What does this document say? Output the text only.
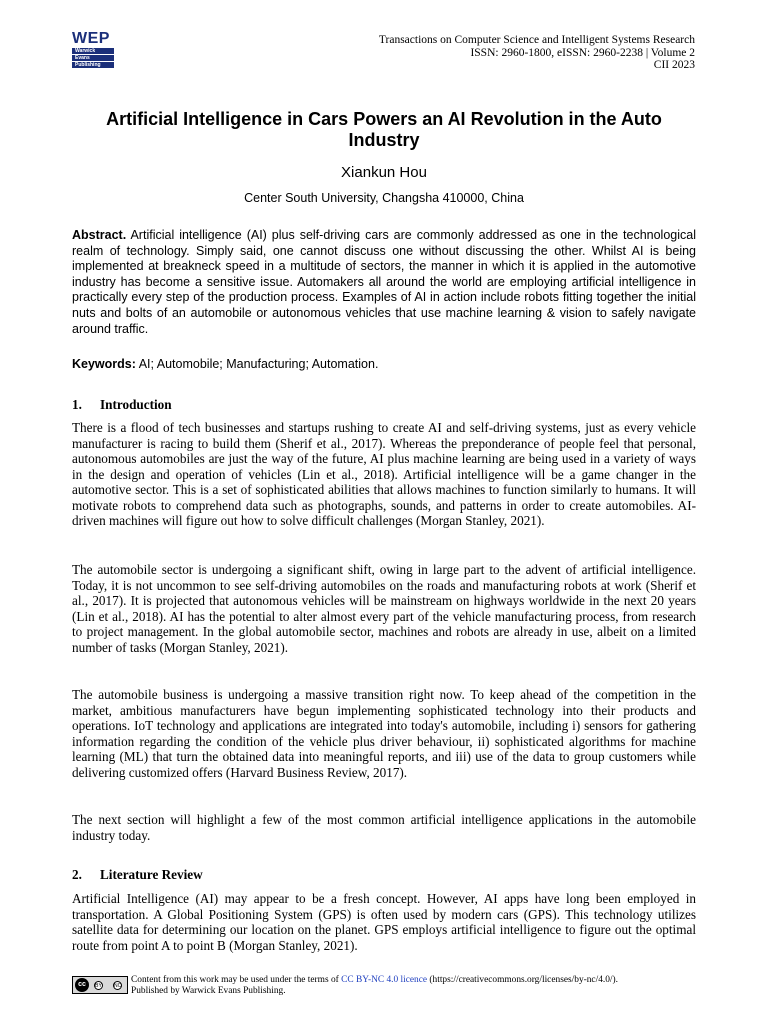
WEP
Warwick
Evans
Publishing
Transactions on Computer Science and Intelligent Systems Research
ISSN: 2960-1800, eISSN: 2960-2238 | Volume 2
CII 2023
Artificial Intelligence in Cars Powers an AI Revolution in the Auto Industry
Xiankun Hou
Center South University, Changsha 410000, China

Abstract. Artificial intelligence (AI) plus self-driving cars are commonly addressed as one in the technological realm of technology. Simply said, one cannot discuss one without discussing the other. Whilst AI is being implemented at breakneck speed in a multitude of sectors, the manner in which it is applied in the automotive industry has become a sensitive issue. Automakers all around the world are employing artificial intelligence in practically every step of the production process. Examples of AI in action include robots fitting together the initial nuts and bolts of an automobile or autonomous vehicles that use machine learning & vision to safely navigate around traffic.

Keywords: AI; Automobile; Manufacturing; Automation.

1. Introduction

There is a flood of tech businesses and startups rushing to create AI and self-driving systems, just as every vehicle manufacturer is racing to build them (Sherif et al., 2017). Whereas the preponderance of people feel that personal, autonomous automobiles are just the way of the future, AI plus machine learning are being used in a variety of ways in the design and operation of vehicles (Lin et al., 2018). Artificial intelligence will be a game changer in the automotive sector. This is a set of sophisticated abilities that allows machines to function similarly to humans. It will motivate robots to comprehend data such as photographs, sounds, and patterns in order to create automobiles. AI-driven machines will figure out how to solve difficult challenges (Morgan Stanley, 2021).

The automobile sector is undergoing a significant shift, owing in large part to the advent of artificial intelligence. Today, it is not uncommon to see self-driving automobiles on the roads and manufacturing robots at work (Sherif et al., 2017). It is projected that autonomous vehicles will be mainstream on highways worldwide in the next 20 years (Lin et al., 2018). AI has the potential to alter almost every part of the vehicle manufacturing process, from research to project management. In the global automobile sector, machines and robots are already in use, albeit on a limited number of tasks (Morgan Stanley, 2021).

The automobile business is undergoing a massive transition right now. To keep ahead of the competition in the market, ambitious manufacturers have begun implementing sophisticated technology into their products and operations. IoT technology and applications are integrated into today's automobile, including i) sensors for gathering information regarding the condition of the vehicle plus driver behaviour, ii) sophisticated algorithms for machine learning (ML) that turn the obtained data into meaningful reports, and iii) use of the data to group customers while delivering customized offers (Harvard Business Review, 2017).

The next section will highlight a few of the most common artificial intelligence applications in the automobile industry today.

2. Literature Review

Artificial Intelligence (AI) may appear to be a fresh concept. However, AI apps have long been employed in transportation. A Global Positioning System (GPS) is often used by modern cars (GPS). This technology utilizes satellite data for determining our location on the planet. GPS employs artificial intelligence to figure out the optimal route from point A to point B (Morgan Stanley, 2021).

cc	BY NC
Content from this work may be used under the terms of CC BY-NC 4.0 licence (https://creativecommons.org/licenses/by-nc/4.0/).
Published by Warwick Evans Publishing.
